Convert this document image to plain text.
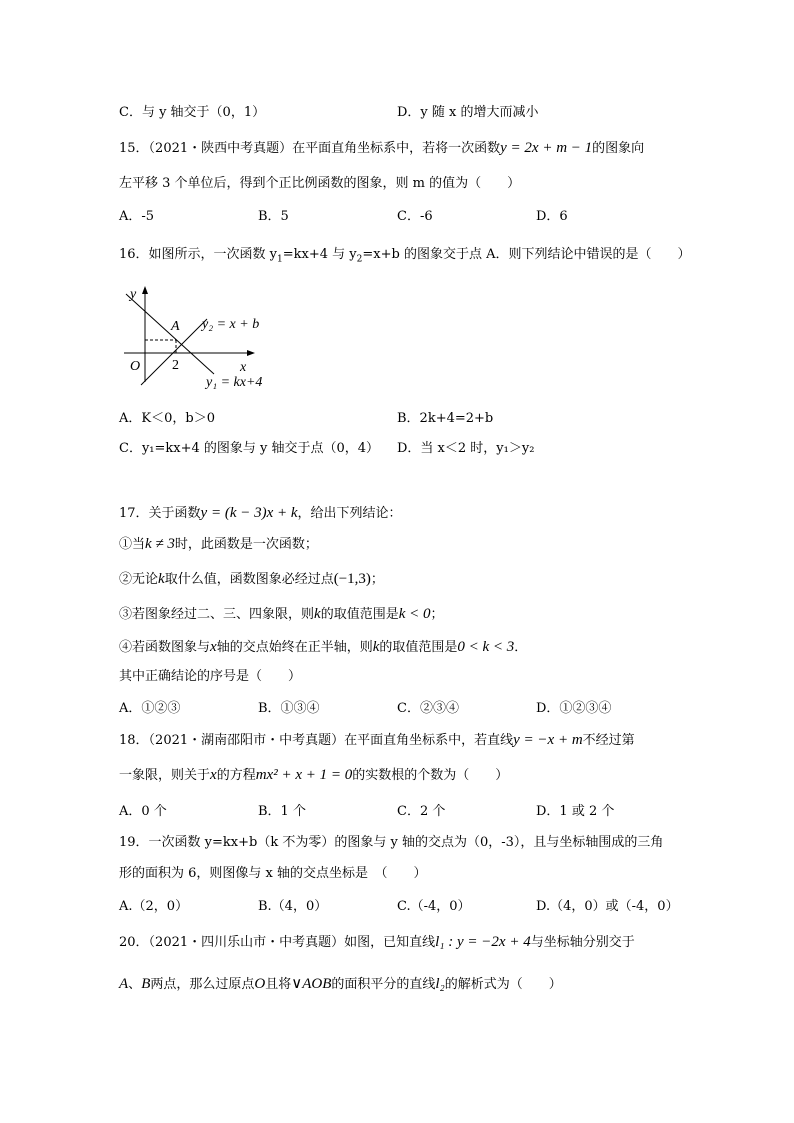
C．与 y 轴交于（0，1）	D．y 随 x 的增大而减小
15．（2021・陕西中考真题）在平面直角坐标系中，若将一次函数y = 2x + m − 1的图象向
左平移 3 个单位后，得到个正比例函数的图象，则 m 的值为（　　）
A．-5	B．5	C．-6	D．6
16．如图所示，一次函数 $y_1=kx+4$ 与 $y_2=x+b$ 的图象交于点 A．则下列结论中错误的是（　　）
y
x
O
A
2
y₂ = x + b
y₁ = kx+4
A．K＜0，b＞0	B．2k+4=2+b
C．y₁=kx+4 的图象与 y 轴交于点（0，4） D．当 x＜2 时，y₁＞y₂
17．关于函数y = (k − 3)x + k，给出下列结论：
①当k ≠ 3时，此函数是一次函数；
②无论k取什么值，函数图象必经过点(−1,3)；
③若图象经过二、三、四象限，则k的取值范围是k < 0；
④若函数图象与x轴的交点始终在正半轴，则k的取值范围是0 < k < 3．
其中正确结论的序号是（　　）
A．①②③	B．①③④	C．②③④	D．①②③④
18．（2021・湖南邵阳市・中考真题）在平面直角坐标系中，若直线y = −x + m不经过第
一象限，则关于x的方程mx² + x + 1 = 0的实数根的个数为（　　）
A．0 个	B．1 个	C．2 个	D．1 或 2 个
19．一次函数 y=kx+b（k 不为零）的图象与 y 轴的交点为（0，-3），且与坐标轴围成的三角
形的面积为 6，则图像与 x 轴的交点坐标是　（　　）
A.（2，0）	B.（4，0）	C.（-4，0）	D.（4，0）或（-4，0）
20．（2021・四川乐山市・中考真题）如图，已知直线l₁ : y = −2x + 4与坐标轴分别交于
A、B两点，那么过原点O且将∨AOB的面积平分的直线l₂的解析式为（　　）
